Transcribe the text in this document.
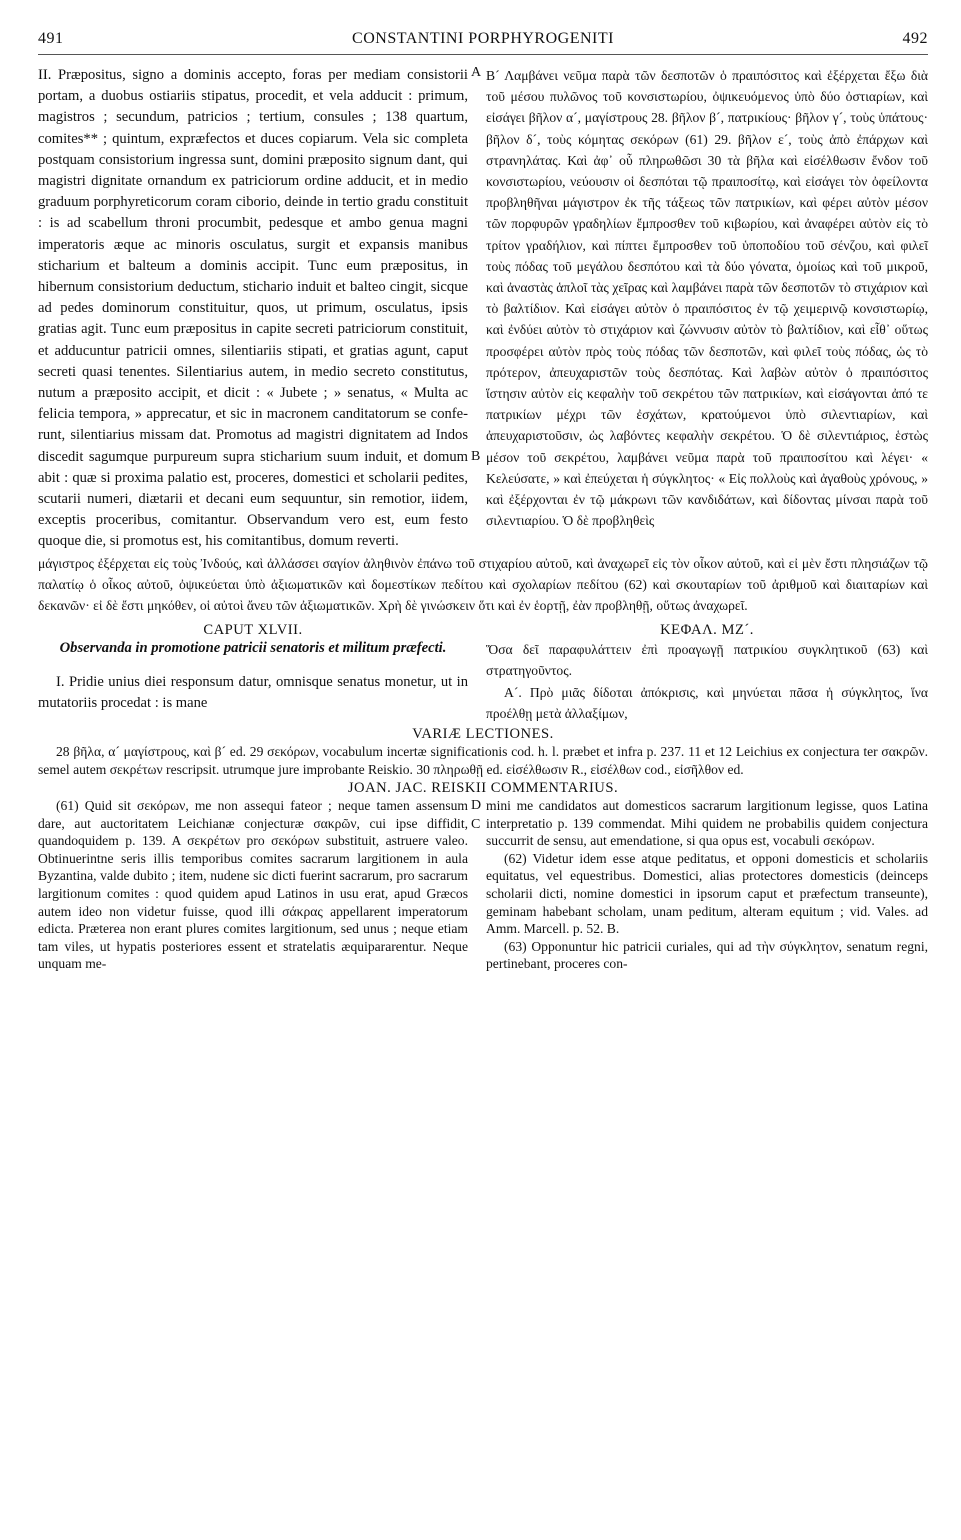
491	CONSTANTINI PORPHYROGENITI	492

II. Præpositus, signo a dominis accepto, foras per mediam consistorii portam, a duobus ostiariis stipatus, procedit, et vela adducit : primum, magistros ; secundum, patricios ; tertium, consules ; 138 quartum, comites** ; quintum, expræfectos et duces copiarum. Vela sic completa postquam consistorium ingressa sunt, domini præposito signum dant, qui magistri dignitate ornandum ex patriciorum ordine adducit, et in medio graduum porphyreticorum coram ciborio, deinde in tertio gradu constituit : is ad scabellum throni procumbit, pedesque et ambo genua magni imperatoris æque ac minoris osculatus, surgit et expansis manibus sticharium et balteum a dominis accipit. Tunc eum præpositus, in hibernum consistorium deductum, stichario induit et balteo cingit, sicque ad pedes dominorum constituitur, quos, ut primum, osculatus, ipsis gratias agit. Tunc eum præpositus in capite secreti patriciorum constituit, et adducuntur patricii omnes, silentiariis stipati, et gratias agunt, caput secreti quasi tenentes. Silentiarius autem, in medio secreto constitutus, nutum a præposito accipit, et dicit : « Jubete ; » senatus, « Multa ac felicia tempora, » apprecatur, et sic in macronem canditatorum se confe-runt, silentiarius missam dat. Promotus ad magistri dignitatem ad Indos discedit sagumque purpureum supra sticharium suum induit, et domum abit : quæ si proxima palatio est, proceres, domestici et scholarii pedites, scutarii numeri, diætarii et decani eum sequuntur, sin remotior, iidem, exceptis proceribus, comitantur. Observandum vero est, eum festo quoque die, si promotus est, his comitantibus, domum reverti.

A
B
C

Β´ Λαμβάνει νεῦμα παρὰ τῶν δεσποτῶν ὁ πραιπόσιτος καὶ ἐξέρχεται ἔξω διὰ τοῦ μέσου πυλῶνος τοῦ κονσιστωρίου, ὀψικευόμενος ὑπὸ δύο ὀστιαρίων, καὶ εἰσάγει βῆλον α´, μαγίστρους 28. βῆλον β´, πατρικίους· βῆλον γ´, τοὺς ὑπάτους· βῆλον δ´, τοὺς κόμητας σεκόρων (61) 29. βῆλον ε´, τοὺς ἀπὸ ἐπάρχων καὶ στρανηλάτας. Καὶ ἀφ᾽ οὗ πληρωθῶσι 30 τὰ βῆλα καὶ εἰσέλθωσιν ἔνδον τοῦ κονσιστωρίου, νεύουσιν οἱ δεσπόται τῷ πραιποσίτῳ, καὶ εἰσάγει τὸν ὀφείλοντα προβληθῆναι μάγιστρον ἐκ τῆς τάξεως τῶν πατρικίων, καὶ φέρει αὐτὸν μέσον τῶν πορφυρῶν γραδηλίων ἔμπροσθεν τοῦ κιβωρίου, καὶ ἀναφέρει αὐτὸν εἰς τὸ τρίτον γραδήλιον, καὶ πίπτει ἔμπροσθεν τοῦ ὑποποδίου τοῦ σένζου, καὶ φιλεῖ τοὺς πόδας τοῦ μεγάλου δεσπότου καὶ τὰ δύο γόνατα, ὁμοίως καὶ τοῦ μικροῦ, καὶ ἀναστὰς ἁπλοῖ τὰς χεῖρας καὶ λαμβάνει παρὰ τῶν δεσποτῶν τὸ στιχάριον καὶ τὸ βαλτίδιον. Καὶ εἰσάγει αὐτὸν ὁ πραιπόσιτος ἐν τῷ χειμερινῷ κονσιστωρίῳ, καὶ ἐνδύει αὐτὸν τὸ στιχάριον καὶ ζώννυσιν αὐτὸν τὸ βαλτίδιον, καὶ εἶθ᾽ οὕτως προσφέρει αὐτὸν πρὸς τοὺς πόδας τῶν δεσποτῶν, καὶ φιλεῖ τοὺς πόδας, ὡς τὸ πρότερον, ἀπευχαριστῶν τοὺς δεσπότας. Καὶ λαβὼν αὐτὸν ὁ πραιπόσιτος ἵστησιν αὐτὸν εἰς κεφαλὴν τοῦ σεκρέτου τῶν πατρικίων, καὶ εἰσάγονται ἀπό τε πατρικίων μέχρι τῶν ἐσχάτων, κρατούμενοι ὑπὸ σιλεντιαρίων, καὶ ἀπευχαριστοῦσιν, ὡς λαβόντες κεφαλὴν σεκρέτου. Ὁ δὲ σιλεντιάριος, ἑστὼς μέσον τοῦ σεκρέτου, λαμβάνει νεῦμα παρὰ τοῦ πραιποσίτου καὶ λέγει· « Κελεύσατε, » καὶ ἐπεύχεται ἡ σύγκλητος· « Εἰς πολλοὺς καὶ ἀγαθοὺς χρόνους, » καὶ ἐξέρχονται ἐν τῷ μάκρωνι τῶν κανδιδάτων, καὶ δίδοντας μίνσαι παρὰ τοῦ σιλεντιαρίου. Ὁ δὲ προβληθεὶς

μάγιστρος ἐξέρχεται εἰς τοὺς Ἰνδούς, καὶ ἀλλάσσει σαγίον ἀληθινὸν ἐπάνω τοῦ στιχαρίου αὐτοῦ, καὶ ἀναχωρεῖ εἰς τὸν οἶκον αὐτοῦ, καὶ εἰ μὲν ἔστι πλησιάζων τῷ παλατίῳ ὁ οἶκος αὐτοῦ, ὀψικεύεται ὑπὸ ἀξιωματικῶν καὶ δομεστίκων πεδίτου καὶ σχολαρίων πεδίτου (62) καὶ σκουταρίων τοῦ ἀριθμοῦ καὶ διαιταρίων καὶ δεκανῶν· εἰ δὲ ἔστι μηκόθεν, οἱ αὐτοὶ ἄνευ τῶν ἀξιωματικῶν. Χρὴ δὲ γινώσκειν ὅτι καὶ ἐν ἑορτῇ, ἐὰν προβληθῇ, οὕτως ἀναχωρεῖ.

CAPUT XLVII.
Observanda in promotione patricii senatoris et militum præfecti.

I. Pridie unius diei responsum datur, omnisque senatus monetur, ut in mutatoriis procedat : is mane

ΚΕΦΑΛ. ΜΖ´.

Ὅσα δεῖ παραφυλάττειν ἐπὶ προαγωγῇ πατρικίου συγκλητικοῦ (63) καὶ στρατηγοῦντος.

Α´. Πρὸ μιᾶς δίδοται ἀπόκρισις, καὶ μηνύεται πᾶσα ἡ σύγκλητος, ἵνα προέλθῃ μετὰ ἀλλαξίμων,

VARIÆ LECTIONES.

28 βῆλα, α´ μαγίστρους, καὶ β´ ed. 29 σεκόρων, vocabulum incertæ significationis cod. h. l. præbet et infra p. 237. 11 et 12 Leichius ex conjectura ter σακρῶν. semel autem σεκρέτων rescripsit. utrumque jure improbante Reiskio. 30 πληρωθῇ ed. εἰσέλθωσιν R., εἰσέλθων cod., εἰσῆλθον ed.

JOAN. JAC. REISKII COMMENTARIUS.

(61) Quid sit σεκόρων, me non assequi fateor ; neque tamen assensum dare, aut auctoritatem Leichianæ conjecturæ σακρῶν, cui ipse diffidit, quandoquidem p. 139. A σεκρέτων pro σεκόρων substituit, astruere valeo. Obtinuerintne seris illis temporibus comites sacrarum largitionem in aula Byzantina, valde dubito ; item, nudene sic dicti fuerint sacrarum, pro sacrarum largitionum comites : quod quidem apud Latinos in usu erat, apud Græcos autem ideo non videtur fuisse, quod illi σάκρας appellarent imperatorum edicta. Præterea non erant plures comites largitionum, sed unus ; neque etiam tam viles, ut hypatis posteriores essent et stratelatis æquipararentur. Neque unquam me-

D mini me candidatos aut domesticos sacrarum largitionum legisse, quos Latina interpretatio p. 139 commendat. Mihi quidem ne probabilis quidem conjectura succurrit de sensu, aut emendatione, si qua opus est, vocabuli σεκόρων.

(62) Videtur idem esse atque peditatus, et opponi domesticis et scholariis equitatus, vel equestribus. Domestici, alias protectores domesticis (deinceps scholarii dicti, nomine domestici in ipsorum caput et præfectum transeunte), geminam habebant scholam, unam peditum, alteram equitum ; vid. Vales. ad Amm. Marcell. p. 52. B.

(63) Opponuntur hic patricii curiales, qui ad τὴν σύγκλητον, senatum regni, pertinebant, proceres con-
